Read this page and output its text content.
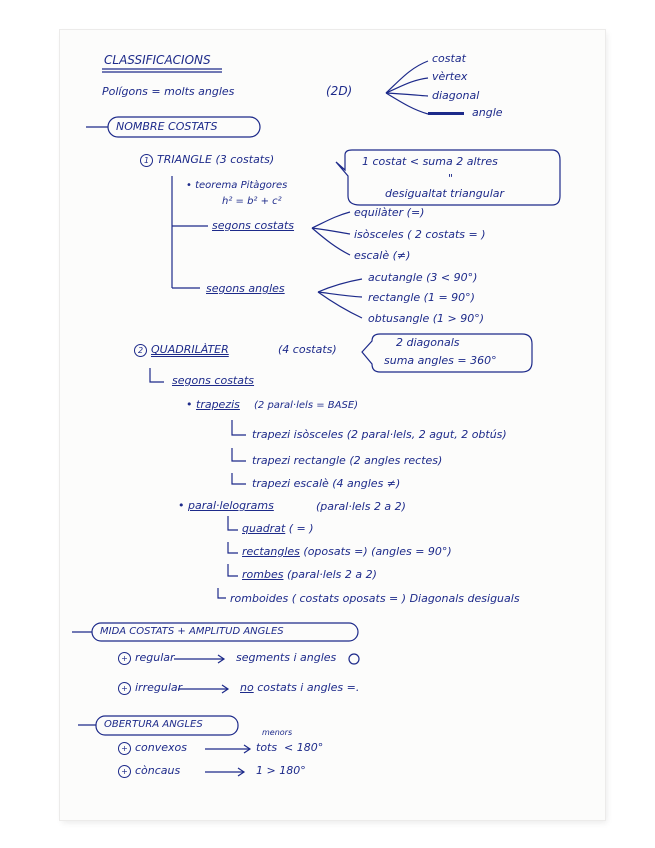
CLASSIFICACIONS
Polígons = molts angles	(2D)
costat
vèrtex
diagonal
angle
NOMBRE COSTATS
1 TRIANGLE (3 costats)	1 costat < suma 2 altres
"
desigualtat triangular
• teorema Pitàgores
h² = b² + c²
segons costats
equilàter (=)
isòsceles ( 2 costats = )
escalè (≠)
segons angles
acutangle (3 < 90°)
rectangle (1 = 90°)
obtusangle (1 > 90°)
2 QUADRILÀTER	(4 costats)
2 diagonals
suma angles = 360°
segons costats
• trapezis (2 paral·lels = BASE)
trapezi isòsceles (2 paral·lels, 2 agut, 2 obtús)
trapezi rectangle (2 angles rectes)
trapezi escalè (4 angles ≠)
• paral·lelograms	(paral·lels 2 a 2)
quadrat ( = )
rectangles (oposats =) (angles = 90°)
rombes (paral·lels 2 a 2)
romboides ( costats oposats = ) Diagonals desiguals
MIDA COSTATS + AMPLITUD ANGLES
+ regular	segments i angles
+ irregular	no costats i angles =.
OBERTURA ANGLES
+ convexos
menors
tots < 180°
+ còncaus	1 > 180°
